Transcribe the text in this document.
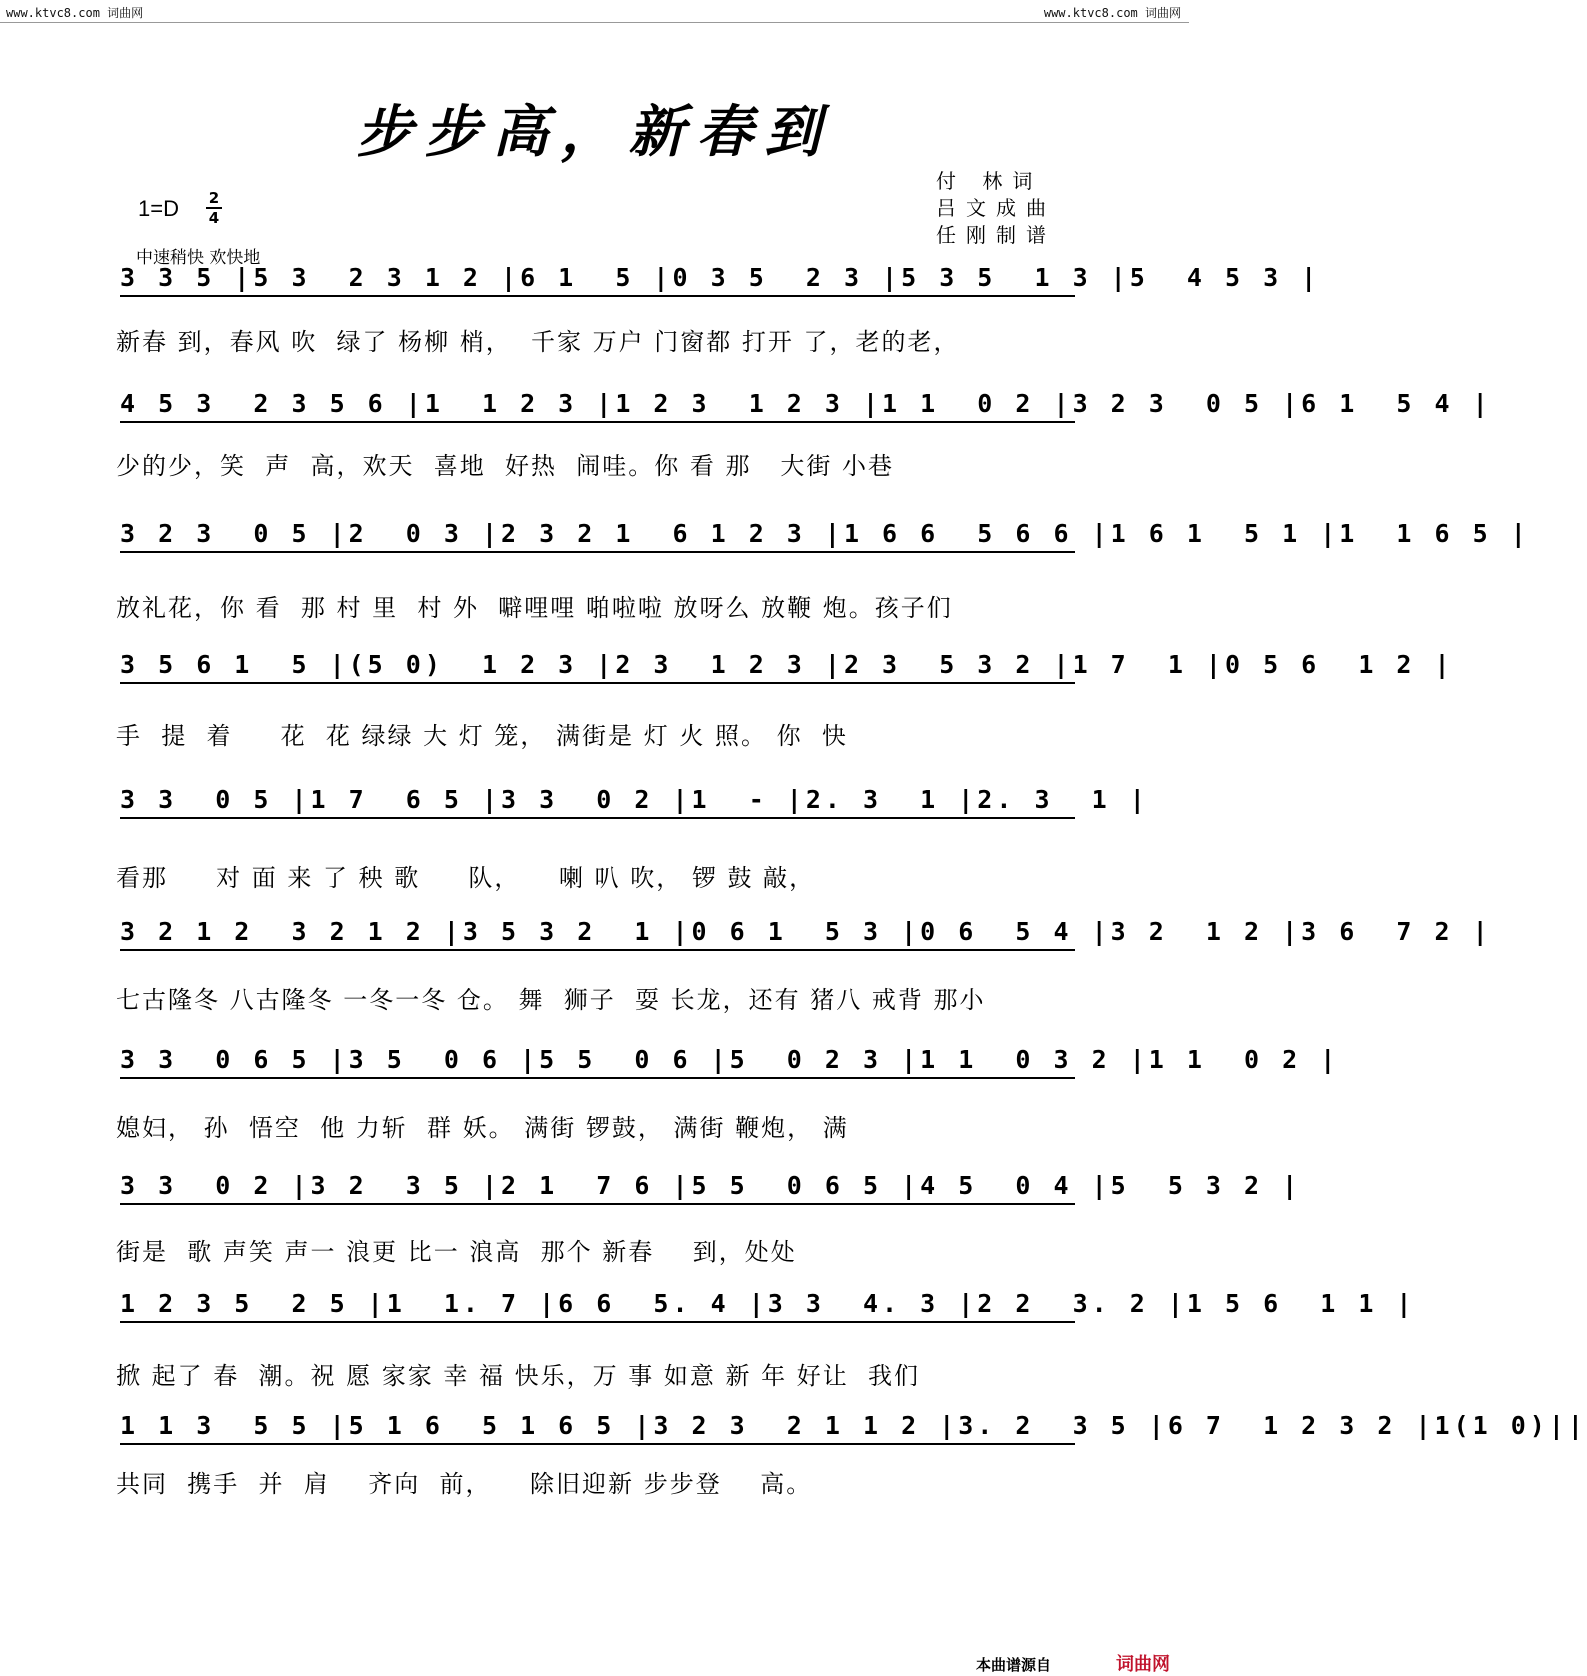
www.ktvc8.com 词曲网	www.ktvc8.com 词曲网
步步高，新春到
付 林词
吕文成曲
任刚制谱
1=D 2
4
中速稍快 欢快地
3 3 5 |5 3  2 3 1 2 |6 1  5 |0 3 5  2 3 |5 3 5  1 3 |5  4 5 3 |
新春 到，春风 吹  绿了 杨柳 梢，  千家 万户 门窗都 打开 了，老的老，
4 5 3  2 3 5 6 |1  1 2 3 |1 2 3  1 2 3 |1 1  0 2 |3 2 3  0 5 |6 1  5 4 |
少的少，笑  声  高，欢天  喜地  好热  闹哇。你 看 那   大街 小巷
3 2 3  0 5 |2  0 3 |2 3 2 1  6 1 2 3 |1 6 6  5 6 6 |1 6 1  5 1 |1  1 6 5 |
放礼花，你 看  那 村 里  村 外  噼哩哩 啪啦啦 放呀么 放鞭 炮。孩子们
3 5 6 1  5 |(5 0)  1 2 3 |2 3  1 2 3 |2 3  5 3 2 |1 7  1 |0 5 6  1 2 |
手  提  着     花  花 绿绿 大 灯 笼， 满街是 灯 火 照。 你  快
3 3  0 5 |1 7  6 5 |3 3  0 2 |1  - |2. 3  1 |2. 3  1 |
看那     对 面 来 了 秧 歌     队，    喇 叭 吹， 锣 鼓 敲，
3 2 1 2  3 2 1 2 |3 5 3 2  1 |0 6 1  5 3 |0 6  5 4 |3 2  1 2 |3 6  7 2 |
七古隆冬 八古隆冬 一冬一冬 仓。 舞  狮子  耍 长龙，还有 猪八 戒背 那小
3 3  0 6 5 |3 5  0 6 |5 5  0 6 |5  0 2 3 |1 1  0 3 2 |1 1  0 2 |
媳妇， 孙  悟空  他 力斩  群 妖。 满街 锣鼓， 满街 鞭炮， 满
3 3  0 2 |3 2  3 5 |2 1  7 6 |5 5  0 6 5 |4 5  0 4 |5  5 3 2 |
街是  歌 声笑 声一 浪更 比一 浪高  那个 新春    到，处处
1 2 3 5  2 5 |1  1. 7 |6 6  5. 4 |3 3  4. 3 |2 2  3. 2 |1 5 6  1 1 |
掀 起了 春  潮。祝 愿 家家 幸 福 快乐，万 事 如意 新 年 好让  我们
1 1 3  5 5 |5 1 6  5 1 6 5 |3 2 3  2 1 1 2 |3. 2  3 5 |6 7  1 2 3 2 |1(1 0)||
共同  携手  并  肩    齐向  前，    除旧迎新 步步登    高。
本曲谱源自	词曲网
